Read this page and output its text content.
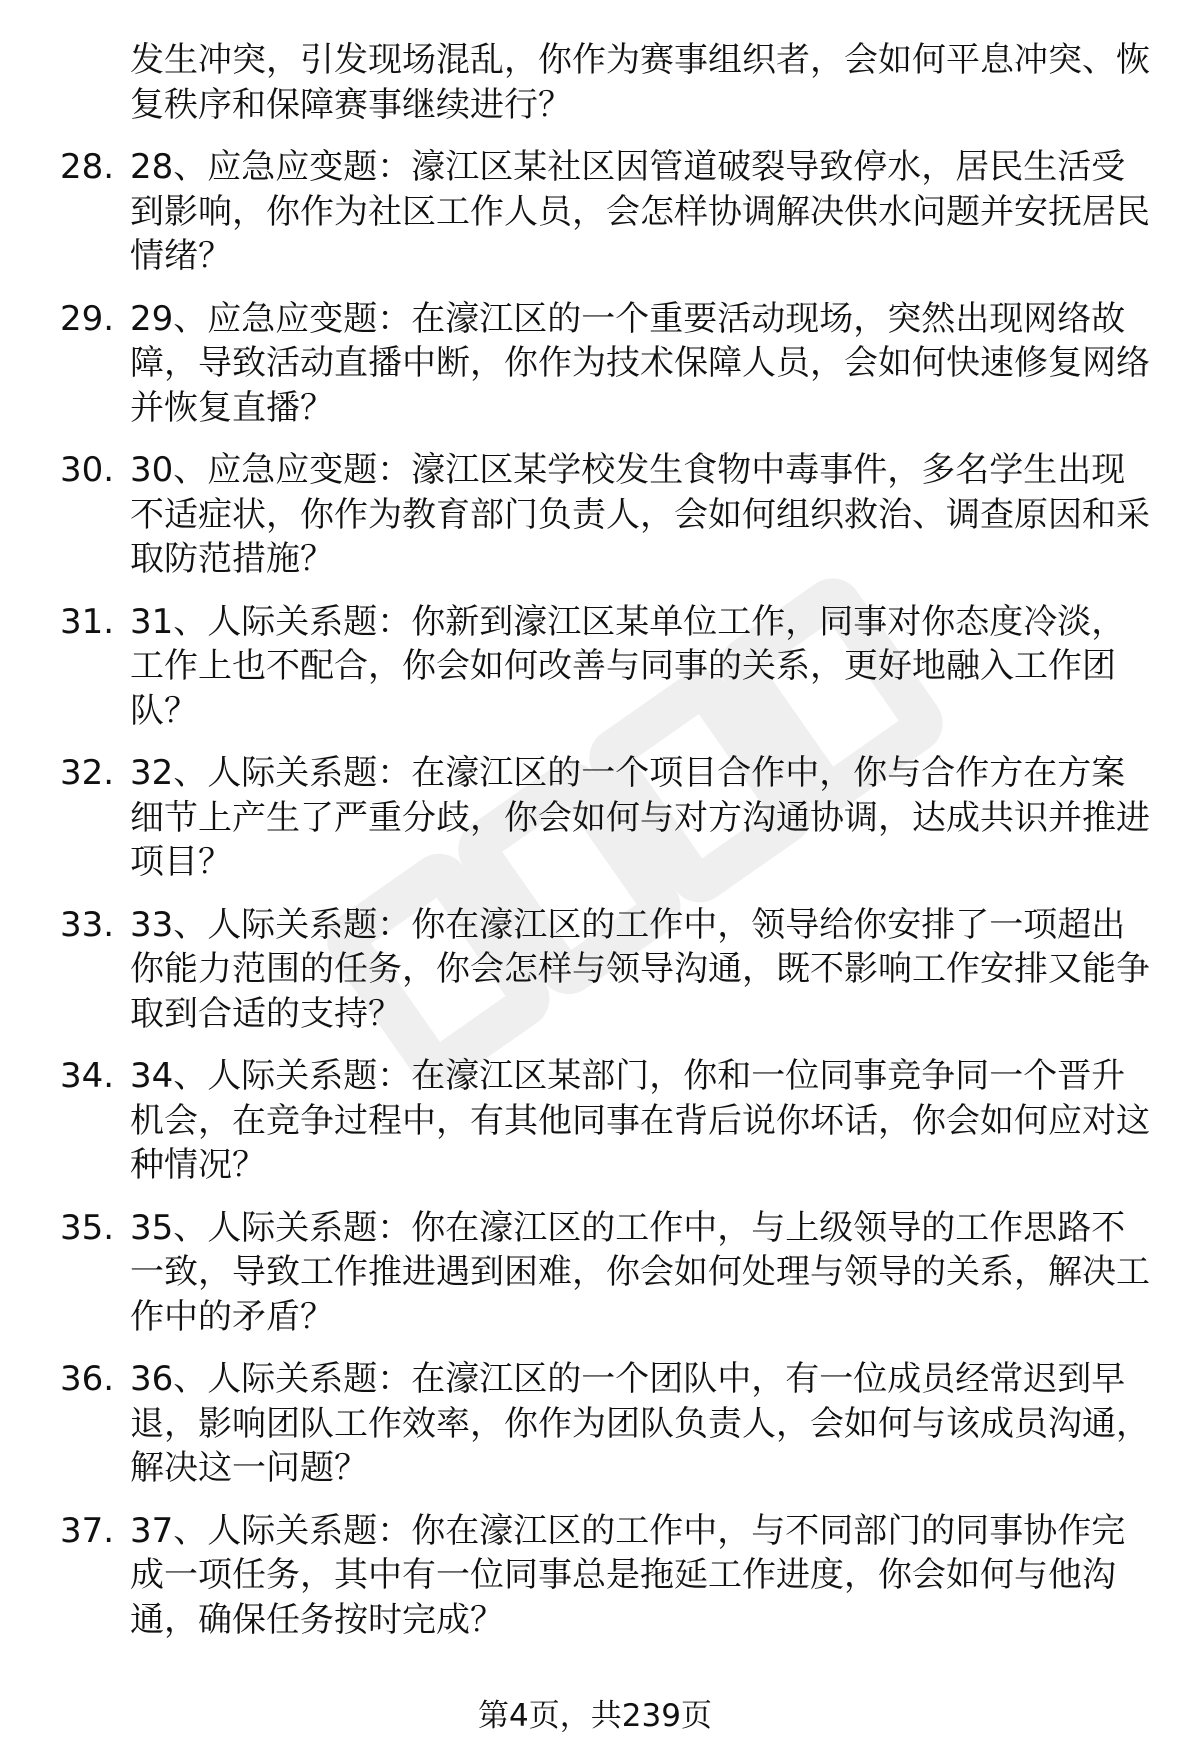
发生冲突，引发现场混乱，你作为赛事组织者，会如何平息冲突、恢复秩序和保障赛事继续进行？
28. 28、应急应变题：濠江区某社区因管道破裂导致停水，居民生活受到影响，你作为社区工作人员，会怎样协调解决供水问题并安抚居民情绪？
29. 29、应急应变题：在濠江区的一个重要活动现场，突然出现网络故障，导致活动直播中断，你作为技术保障人员，会如何快速修复网络并恢复直播？
30. 30、应急应变题：濠江区某学校发生食物中毒事件，多名学生出现不适症状，你作为教育部门负责人，会如何组织救治、调查原因和采取防范措施？
31. 31、人际关系题：你新到濠江区某单位工作，同事对你态度冷淡，工作上也不配合，你会如何改善与同事的关系，更好地融入工作团队？
32. 32、人际关系题：在濠江区的一个项目合作中，你与合作方在方案细节上产生了严重分歧，你会如何与对方沟通协调，达成共识并推进项目？
33. 33、人际关系题：你在濠江区的工作中，领导给你安排了一项超出你能力范围的任务，你会怎样与领导沟通，既不影响工作安排又能争取到合适的支持？
34. 34、人际关系题：在濠江区某部门，你和一位同事竞争同一个晋升机会，在竞争过程中，有其他同事在背后说你坏话，你会如何应对这种情况？
35. 35、人际关系题：你在濠江区的工作中，与上级领导的工作思路不一致，导致工作推进遇到困难，你会如何处理与领导的关系，解决工作中的矛盾？
36. 36、人际关系题：在濠江区的一个团队中，有一位成员经常迟到早退，影响团队工作效率，你作为团队负责人，会如何与该成员沟通，解决这一问题？
37. 37、人际关系题：你在濠江区的工作中，与不同部门的同事协作完成一项任务，其中有一位同事总是拖延工作进度，你会如何与他沟通，确保任务按时完成？
第4页，共239页
